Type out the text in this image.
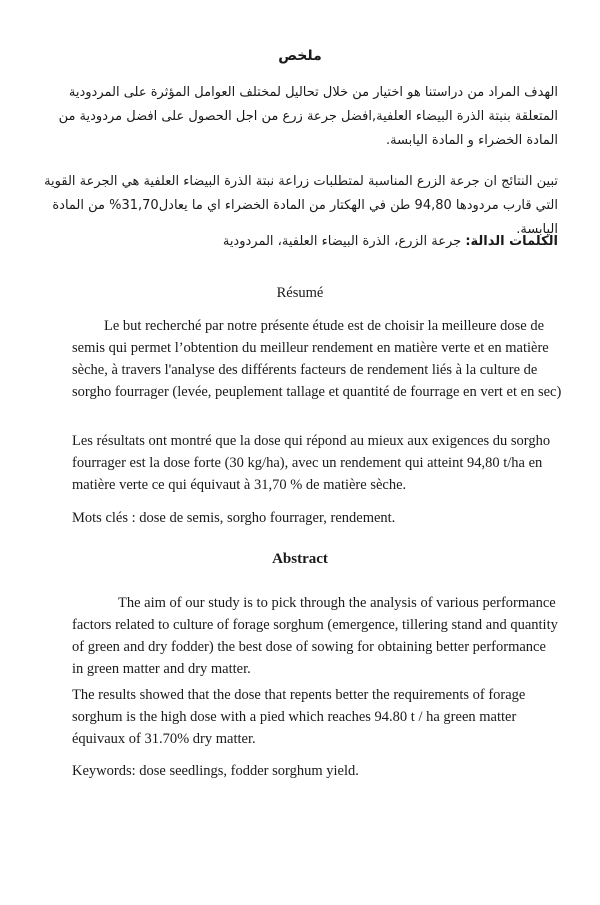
ملخص
الهدف المراد من دراستنا هو اختيار من خلال تحاليل لمختلف العوامل المؤثرة على المردودية المتعلقة بنبتة الذرة البيضاء العلفية,افضل جرعة زرع من اجل الحصول على افضل مردودية من المادة الخضراء و المادة اليابسة.
تبين النتائج ان جرعة الزرع المناسبة لمتطلبات زراعة نبتة الذرة البيضاء العلفية هي الجرعة القوية التي قارب مردودها 94,80 طن في الهكتار من المادة الخضراء اي ما يعادل31,70% من المادة اليابسة.
الكلمات الدالة: جرعة الزرع، الذرة البيضاء العلفية، المردودية
Résumé
Le but recherché par notre présente étude est de choisir la meilleure dose de semis qui permet l’obtention du meilleur rendement en matière verte et en matière sèche, à travers l'analyse des différents facteurs de rendement liés à la culture de sorgho fourrager (levée, peuplement tallage et quantité de fourrage en vert et en sec)
Les résultats ont montré que la dose qui répond au mieux aux exigences du sorgho fourrager est la dose forte (30 kg/ha), avec un rendement qui atteint 94,80 t/ha en matière verte ce qui équivaut à 31,70 % de matière sèche.
Mots clés : dose de semis, sorgho fourrager, rendement.
Abstract
The aim of our study is to pick through the analysis of various performance factors related to culture of forage sorghum (emergence, tillering stand and quantity of green and dry fodder) the best dose of sowing for obtaining better performance in green matter and dry matter.
The results showed that the dose that repents better the requirements of forage sorghum is the high dose with a pied which reaches 94.80 t / ha green matter équivaux of 31.70% dry matter.
Keywords: dose seedlings, fodder sorghum yield.
